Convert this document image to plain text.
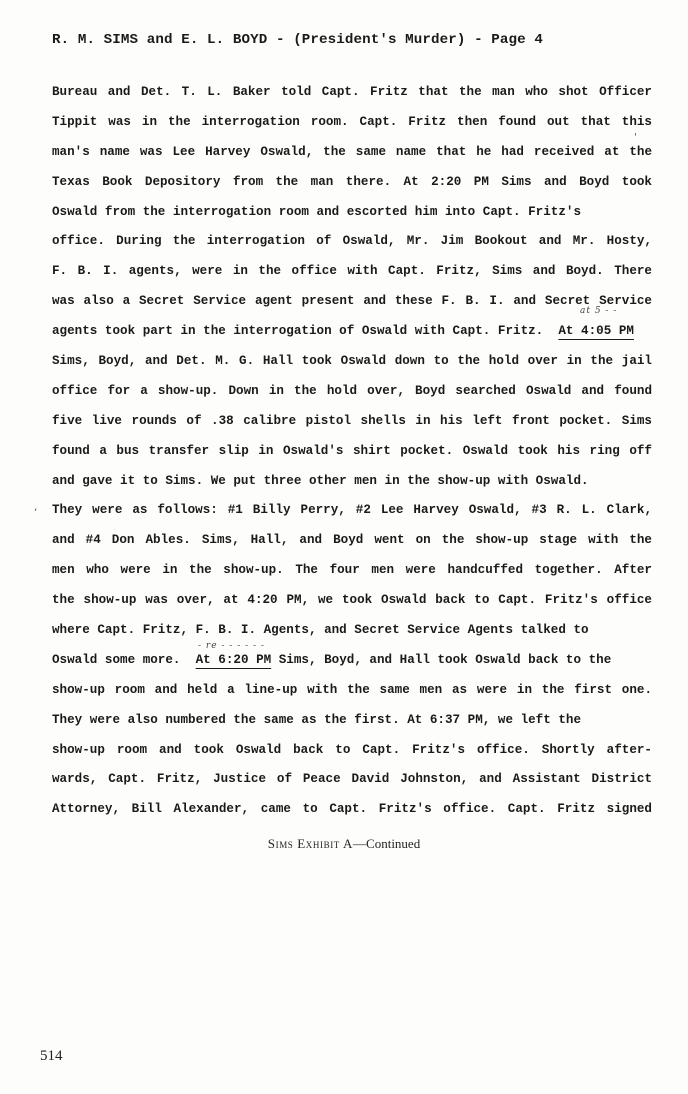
R. M. SIMS and E. L. BOYD - (President's Murder) - Page 4
at 5 - -
- re - - - - - -
'
,
Bureau and Det. T. L. Baker told Capt. Fritz that the man who shot Officer
Tippit was in the interrogation room. Capt. Fritz then found out that this
man's name was Lee Harvey Oswald, the same name that he had received at the
Texas Book Depository from the man there. At 2:20 PM Sims and Boyd took
Oswald from the interrogation room and escorted him into Capt. Fritz's
office. During the interrogation of Oswald, Mr. Jim Bookout and Mr. Hosty,
F. B. I. agents, were in the office with Capt. Fritz, Sims and Boyd. There
was also a Secret Service agent present and these F. B. I. and Secret Service
agents took part in the interrogation of Oswald with Capt. Fritz. At 4:05 PM
Sims, Boyd, and Det. M. G. Hall took Oswald down to the hold over in the jail
office for a show-up. Down in the hold over, Boyd searched Oswald and found
five live rounds of .38 calibre pistol shells in his left front pocket. Sims
found a bus transfer slip in Oswald's shirt pocket. Oswald took his ring off
and gave it to Sims. We put three other men in the show-up with Oswald.
They were as follows: #1 Billy Perry, #2 Lee Harvey Oswald, #3 R. L. Clark,
and #4 Don Ables. Sims, Hall, and Boyd went on the show-up stage with the
men who were in the show-up. The four men were handcuffed together. After
the show-up was over, at 4:20 PM, we took Oswald back to Capt. Fritz's office
where Capt. Fritz, F. B. I. Agents, and Secret Service Agents talked to
Oswald some more. At 6:20 PM Sims, Boyd, and Hall took Oswald back to the
show-up room and held a line-up with the same men as were in the first one.
They were also numbered the same as the first. At 6:37 PM, we left the
show-up room and took Oswald back to Capt. Fritz's office. Shortly after-
wards, Capt. Fritz, Justice of Peace David Johnston, and Assistant District
Attorney, Bill Alexander, came to Capt. Fritz's office. Capt. Fritz signed
Sims Exhibit A—Continued
514
